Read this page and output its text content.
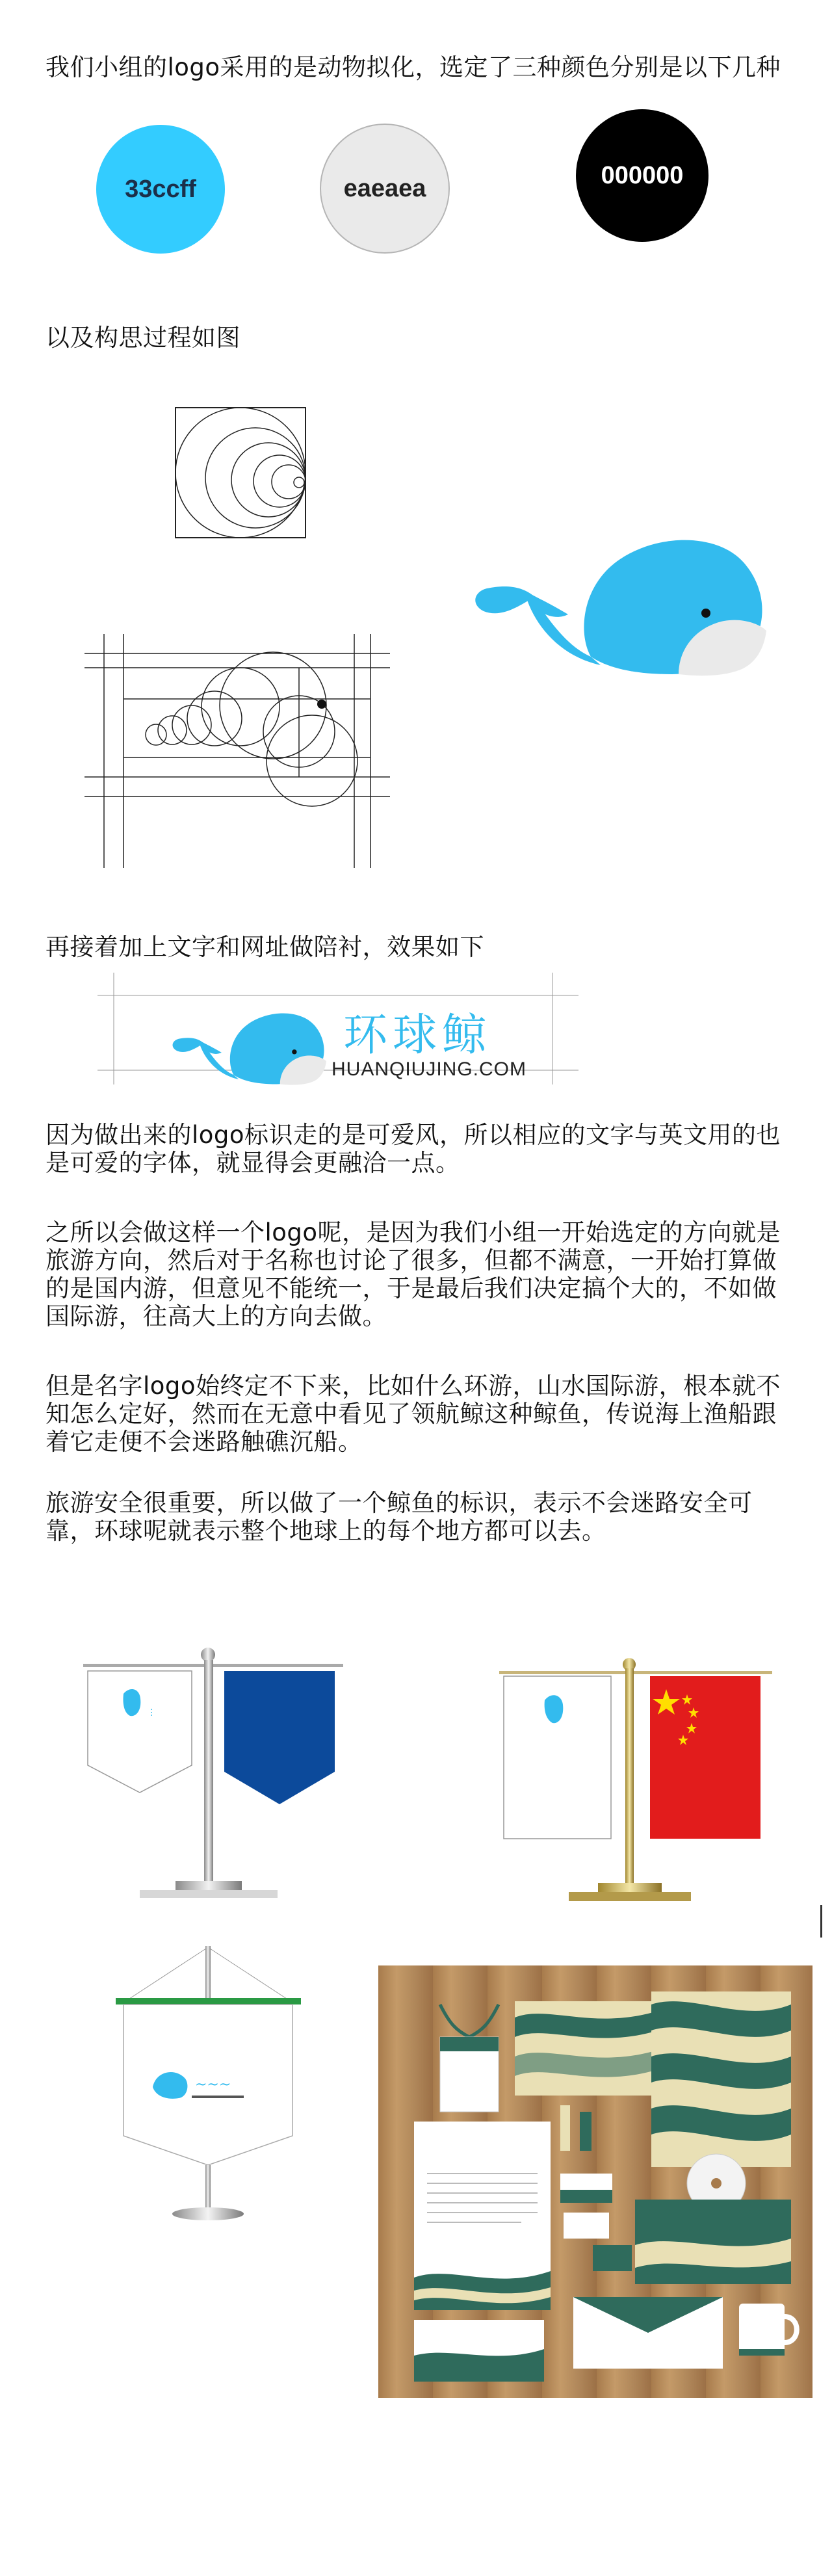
我们小组的logo采用的是动物拟化，选定了三种颜色分别是以下几种
33ccff	eaeaea	000000
以及构思过程如图
再接着加上文字和网址做陪衬，效果如下
环球鲸
HUANQIUJING.COM
因为做出来的logo标识走的是可爱风，所以相应的文字与英文用的也是可爱的字体，就显得会更融洽一点。
之所以会做这样一个logo呢，是因为我们小组一开始选定的方向就是旅游方向，然后对于名称也讨论了很多，但都不满意，一开始打算做的是国内游，但意见不能统一，于是最后我们决定搞个大的，不如做国际游，往高大上的方向去做。
但是名字logo始终定不下来，比如什么环游，山水国际游，根本就不知怎么定好，然而在无意中看见了领航鲸这种鲸鱼，传说海上渔船跟着它走便不会迷路触礁沉船。
旅游安全很重要，所以做了一个鲸鱼的标识，表示不会迷路安全可靠，环球呢就表示整个地球上的每个地方都可以去。
···
~~~
